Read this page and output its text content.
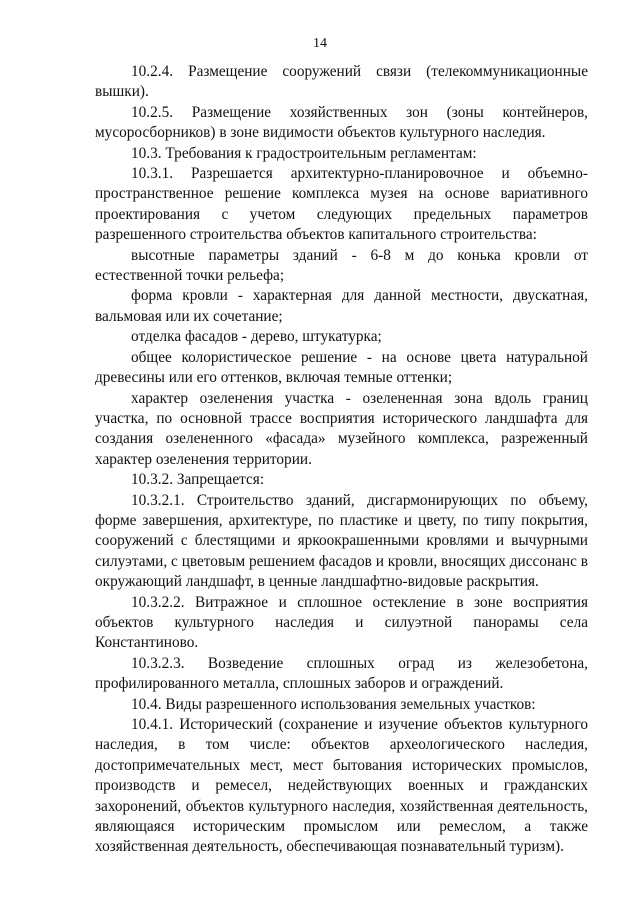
14

10.2.4. Размещение сооружений связи (телекоммуникационные вышки).

10.2.5. Размещение хозяйственных зон (зоны контейнеров, мусоросборников) в зоне видимости объектов культурного наследия.

10.3. Требования к градостроительным регламентам:

10.3.1. Разрешается архитектурно-планировочное и объемно-пространственное решение комплекса музея на основе вариативного проектирования с учетом следующих предельных параметров разрешенного строительства объектов капитального строительства:

высотные параметры зданий - 6-8 м до конька кровли от естественной точки рельефа;

форма кровли - характерная для данной местности, двускатная, вальмовая или их сочетание;

отделка фасадов - дерево, штукатурка;

общее колористическое решение - на основе цвета натуральной древесины или его оттенков, включая темные оттенки;

характер озеленения участка - озелененная зона вдоль границ участка, по основной трассе восприятия исторического ландшафта для создания озелененного «фасада» музейного комплекса, разреженный характер озеленения территории.

10.3.2. Запрещается:

10.3.2.1. Строительство зданий, дисгармонирующих по объему, форме завершения, архитектуре, по пластике и цвету, по типу покрытия, сооружений с блестящими и яркоокрашенными кровлями и вычурными силуэтами, с цветовым решением фасадов и кровли, вносящих диссонанс в окружающий ландшафт, в ценные ландшафтно-видовые раскрытия.

10.3.2.2. Витражное и сплошное остекление в зоне восприятия объектов культурного наследия и силуэтной панорамы села Константиново.

10.3.2.3. Возведение сплошных оград из железобетона, профилированного металла, сплошных заборов и ограждений.

10.4. Виды разрешенного использования земельных участков:

10.4.1. Исторический (сохранение и изучение объектов культурного наследия, в том числе: объектов археологического наследия, достопримечательных мест, мест бытования исторических промыслов, производств и ремесел, недействующих военных и гражданских захоронений, объектов культурного наследия, хозяйственная деятельность, являющаяся историческим промыслом или ремеслом, а также хозяйственная деятельность, обеспечивающая познавательный туризм).
